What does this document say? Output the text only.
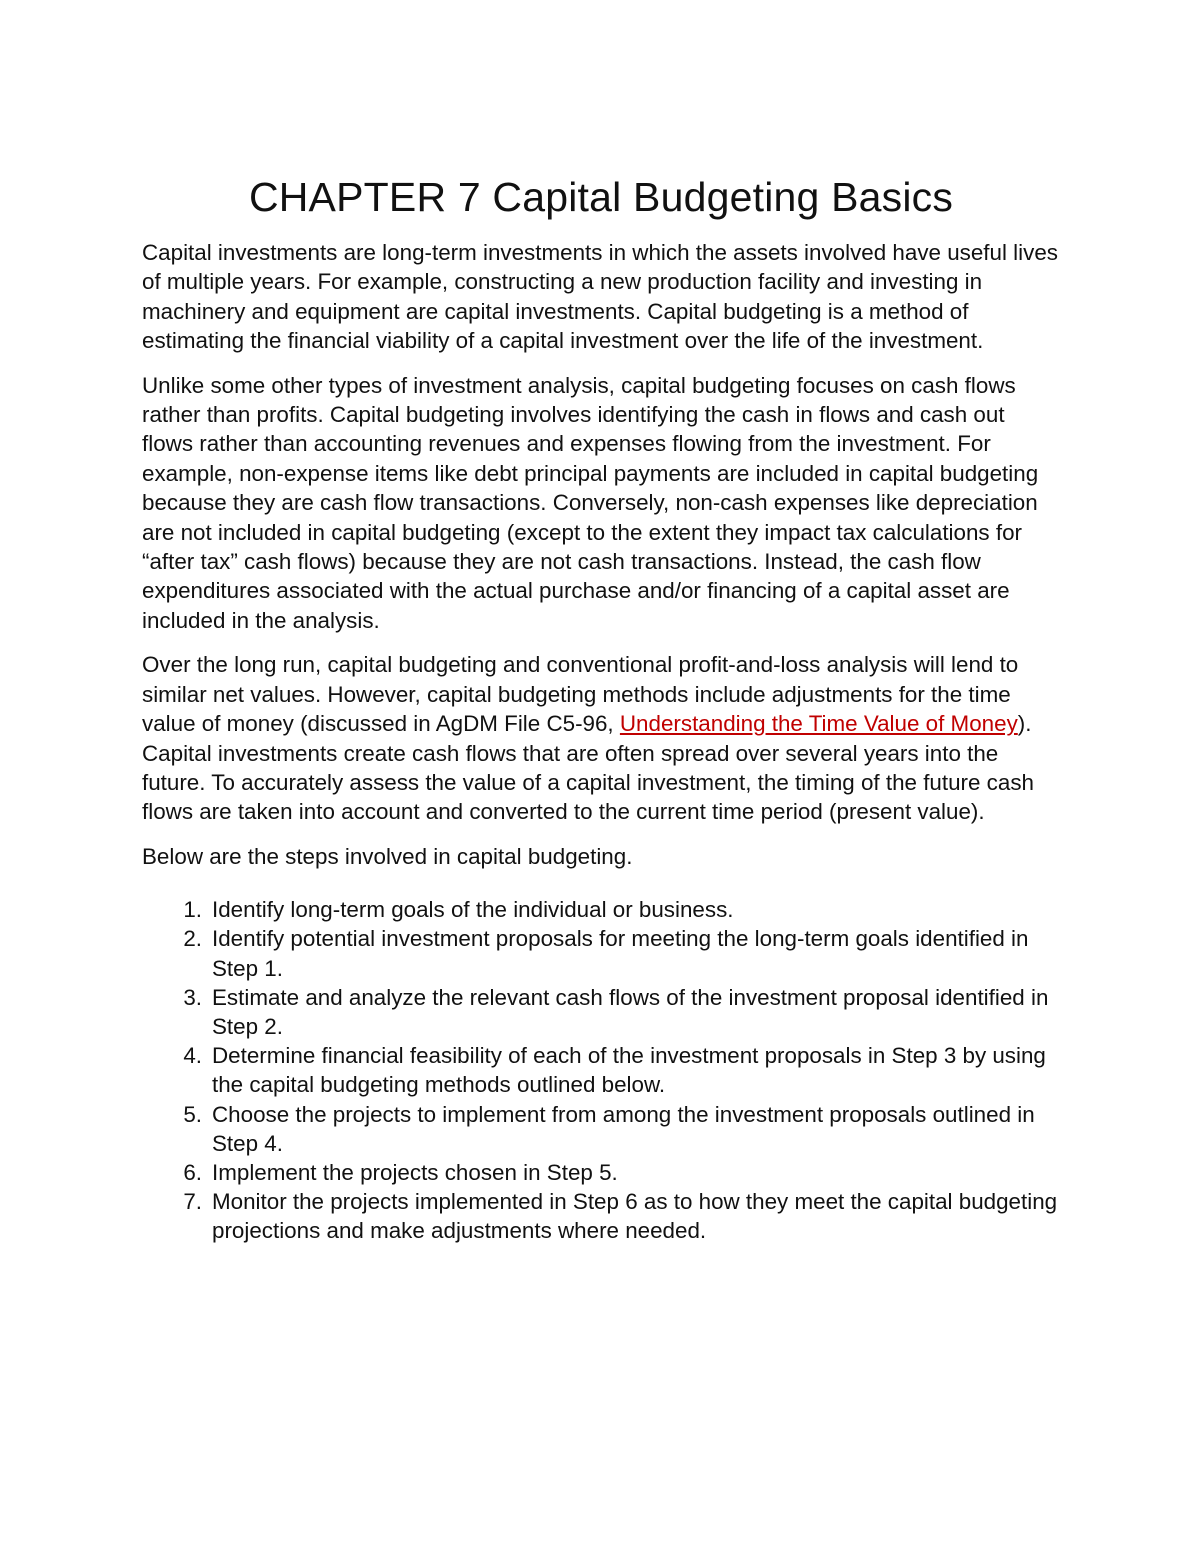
CHAPTER 7 Capital Budgeting Basics

Capital investments are long-term investments in which the assets involved have useful lives of multiple years. For example, constructing a new production facility and investing in machinery and equipment are capital investments. Capital budgeting is a method of estimating the financial viability of a capital investment over the life of the investment.

Unlike some other types of investment analysis, capital budgeting focuses on cash flows rather than profits. Capital budgeting involves identifying the cash in flows and cash out flows rather than accounting revenues and expenses flowing from the investment. For example, non-expense items like debt principal payments are included in capital budgeting because they are cash flow transactions. Conversely, non-cash expenses like depreciation are not included in capital budgeting (except to the extent they impact tax calculations for “after tax” cash flows) because they are not cash transactions. Instead, the cash flow expenditures associated with the actual purchase and/or financing of a capital asset are included in the analysis.

Over the long run, capital budgeting and conventional profit-and-loss analysis will lend to similar net values. However, capital budgeting methods include adjustments for the time value of money (discussed in AgDM File C5-96, Understanding the Time Value of Money). Capital investments create cash flows that are often spread over several years into the future. To accurately assess the value of a capital investment, the timing of the future cash flows are taken into account and converted to the current time period (present value).

Below are the steps involved in capital budgeting.

1. Identify long-term goals of the individual or business.
2. Identify potential investment proposals for meeting the long-term goals identified in Step 1.
3. Estimate and analyze the relevant cash flows of the investment proposal identified in Step 2.
4. Determine financial feasibility of each of the investment proposals in Step 3 by using the capital budgeting methods outlined below.
5. Choose the projects to implement from among the investment proposals outlined in Step 4.
6. Implement the projects chosen in Step 5.
7. Monitor the projects implemented in Step 6 as to how they meet the capital budgeting projections and make adjustments where needed.
